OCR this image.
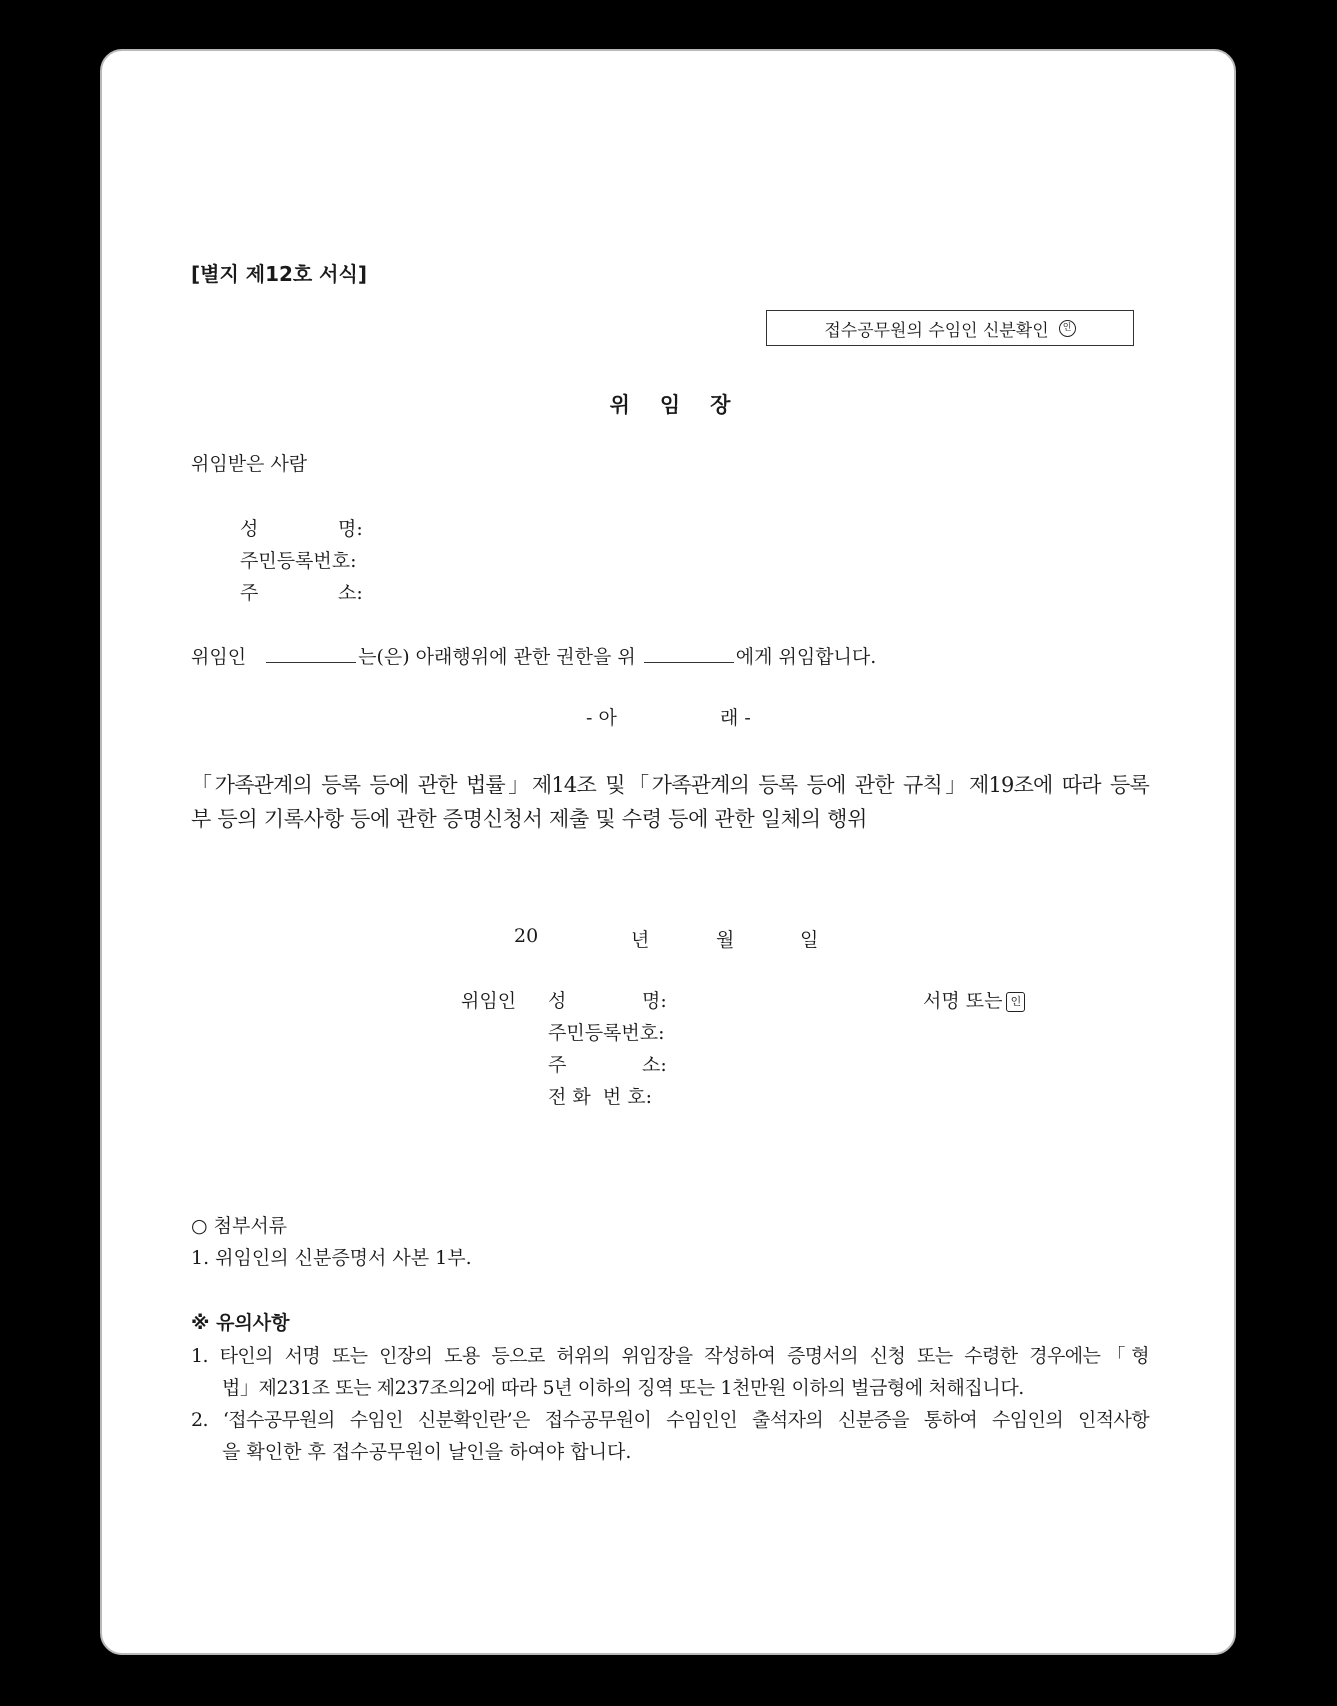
[별지 제12호 서식]
접수공무원의 수임인 신분확인	인
위임장
위임받은 사람
성	명:
주민등록번호:
주	소:
위임인	는(은) 아래행위에 관한 권한을 위	에게 위임합니다.
- 아	래 -
「가족관계의 등록 등에 관한 법률」제14조 및「가족관계의 등록 등에 관한 규칙」제19조에 따라 등록
부 등의 기록사항 등에 관한 증명신청서 제출 및 수령 등에 관한 일체의 행위
20	년	월	일
위임인 성	명:	서명 또는 인
주민등록번호:
주	소:
전 화  번 호:
○ 첨부서류
1. 위임인의 신분증명서 사본 1부.
※ 유의사항
1. 타인의 서명 또는 인장의 도용 등으로 허위의 위임장을 작성하여 증명서의 신청 또는 수령한 경우에는「형
법」제231조 또는 제237조의2에 따라 5년 이하의 징역 또는 1천만원 이하의 벌금형에 처해집니다.
2. ‘접수공무원의 수임인 신분확인란’은 접수공무원이 수임인인 출석자의 신분증을 통하여 수임인의 인적사항
을 확인한 후 접수공무원이 날인을 하여야 합니다.
